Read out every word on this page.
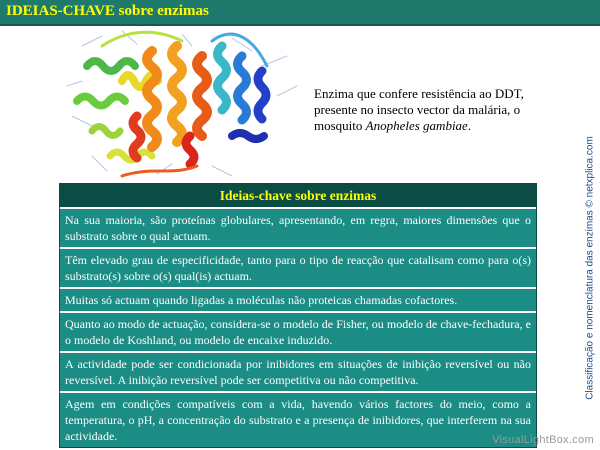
IDEIAS-CHAVE sobre enzimas
Enzima que confere resistência ao DDT, presente no insecto vector da malária, o mosquito Anopheles gambiae.
Classificação e nomenclatura das enzimas © netxplica.com
Ideias-chave sobre enzimas
Na sua maioria, são proteínas globulares, apresentando, em regra, maiores dimensões que o substrato sobre o qual actuam.
Têm elevado grau de especificidade, tanto para o tipo de reacção que catalisam como para o(s) substrato(s) sobre o(s) qual(is) actuam.
Muitas só actuam quando ligadas a moléculas não proteicas chamadas cofactores.
Quanto ao modo de actuação, considera-se o modelo de Fisher, ou modelo de chave-fechadura, e o modelo de Koshland, ou modelo de encaixe induzido.
A actividade pode ser condicionada por inibidores em situações de inibição reversível ou não reversível. A inibição reversível pode ser competitiva ou não competitiva.
Agem em condições compatíveis com a vida, havendo vários factores do meio, como a temperatura, o pH, a concentração do substrato e a presença de inibidores, que interferem na sua actividade.	VisualLightBox.com
